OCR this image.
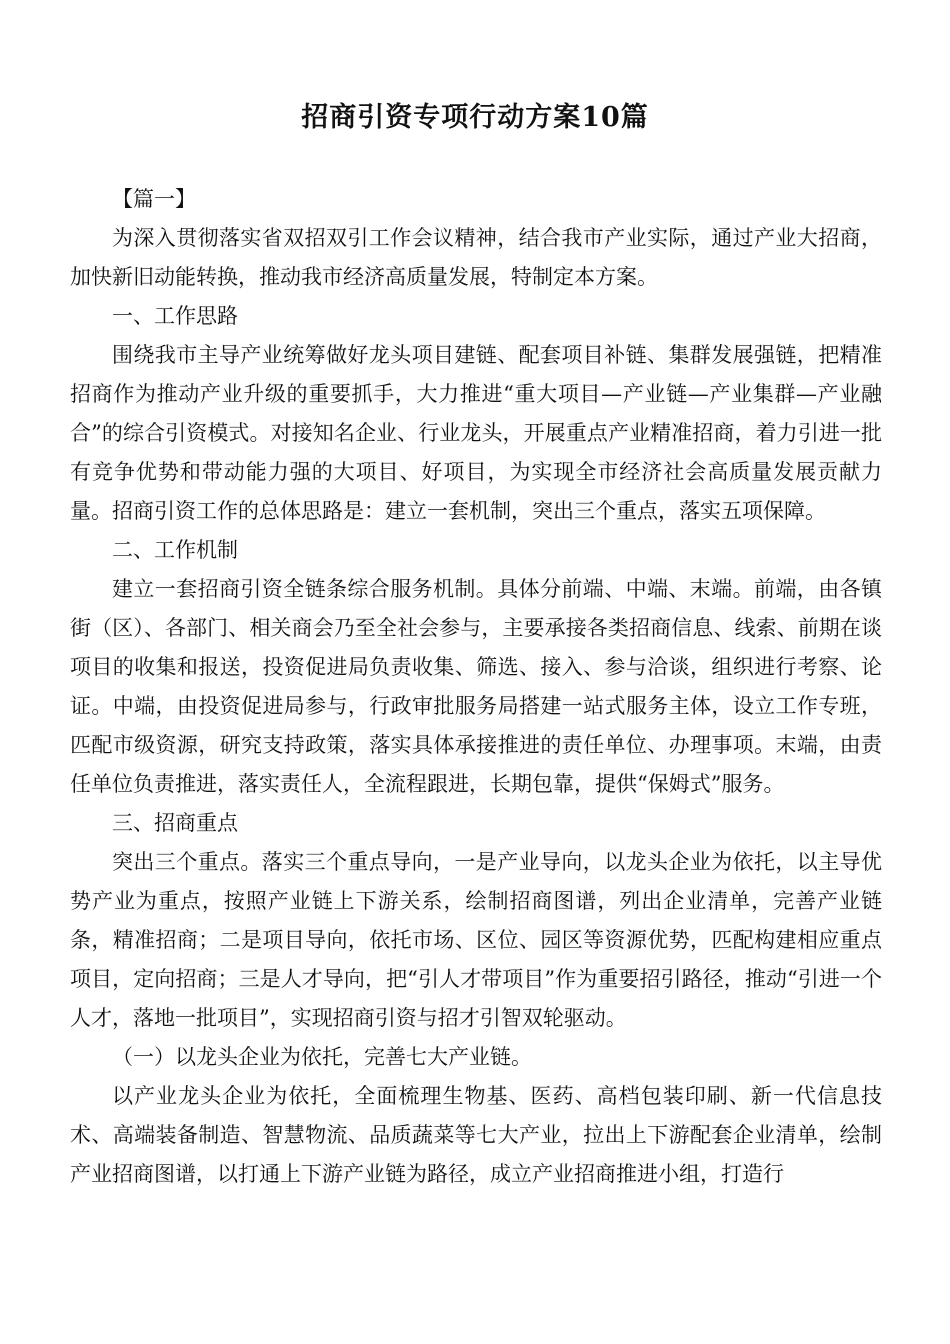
招商引资专项行动方案10篇

【篇一】

为深入贯彻落实省双招双引工作会议精神，结合我市产业实际，通过产业大招商，加快新旧动能转换，推动我市经济高质量发展，特制定本方案。

一、工作思路

围绕我市主导产业统筹做好龙头项目建链、配套项目补链、集群发展强链，把精准招商作为推动产业升级的重要抓手，大力推进“重大项目—产业链—产业集群—产业融合”的综合引资模式。对接知名企业、行业龙头，开展重点产业精准招商，着力引进一批有竞争优势和带动能力强的大项目、好项目，为实现全市经济社会高质量发展贡献力量。招商引资工作的总体思路是：建立一套机制，突出三个重点，落实五项保障。

二、工作机制

建立一套招商引资全链条综合服务机制。具体分前端、中端、末端。前端，由各镇街（区）、各部门、相关商会乃至全社会参与，主要承接各类招商信息、线索、前期在谈项目的收集和报送，投资促进局负责收集、筛选、接入、参与洽谈，组织进行考察、论证。中端，由投资促进局参与，行政审批服务局搭建一站式服务主体，设立工作专班，匹配市级资源，研究支持政策，落实具体承接推进的责任单位、办理事项。末端，由责任单位负责推进，落实责任人，全流程跟进，长期包靠，提供“保姆式”服务。

三、招商重点

突出三个重点。落实三个重点导向，一是产业导向，以龙头企业为依托，以主导优势产业为重点，按照产业链上下游关系，绘制招商图谱，列出企业清单，完善产业链条，精准招商；二是项目导向，依托市场、区位、园区等资源优势，匹配构建相应重点项目，定向招商；三是人才导向，把“引人才带项目”作为重要招引路径，推动“引进一个人才，落地一批项目”，实现招商引资与招才引智双轮驱动。

（一）以龙头企业为依托，完善七大产业链。

以产业龙头企业为依托，全面梳理生物基、医药、高档包装印刷、新一代信息技术、高端装备制造、智慧物流、品质蔬菜等七大产业，拉出上下游配套企业清单，绘制产业招商图谱，以打通上下游产业链为路径，成立产业招商推进小组，打造行
